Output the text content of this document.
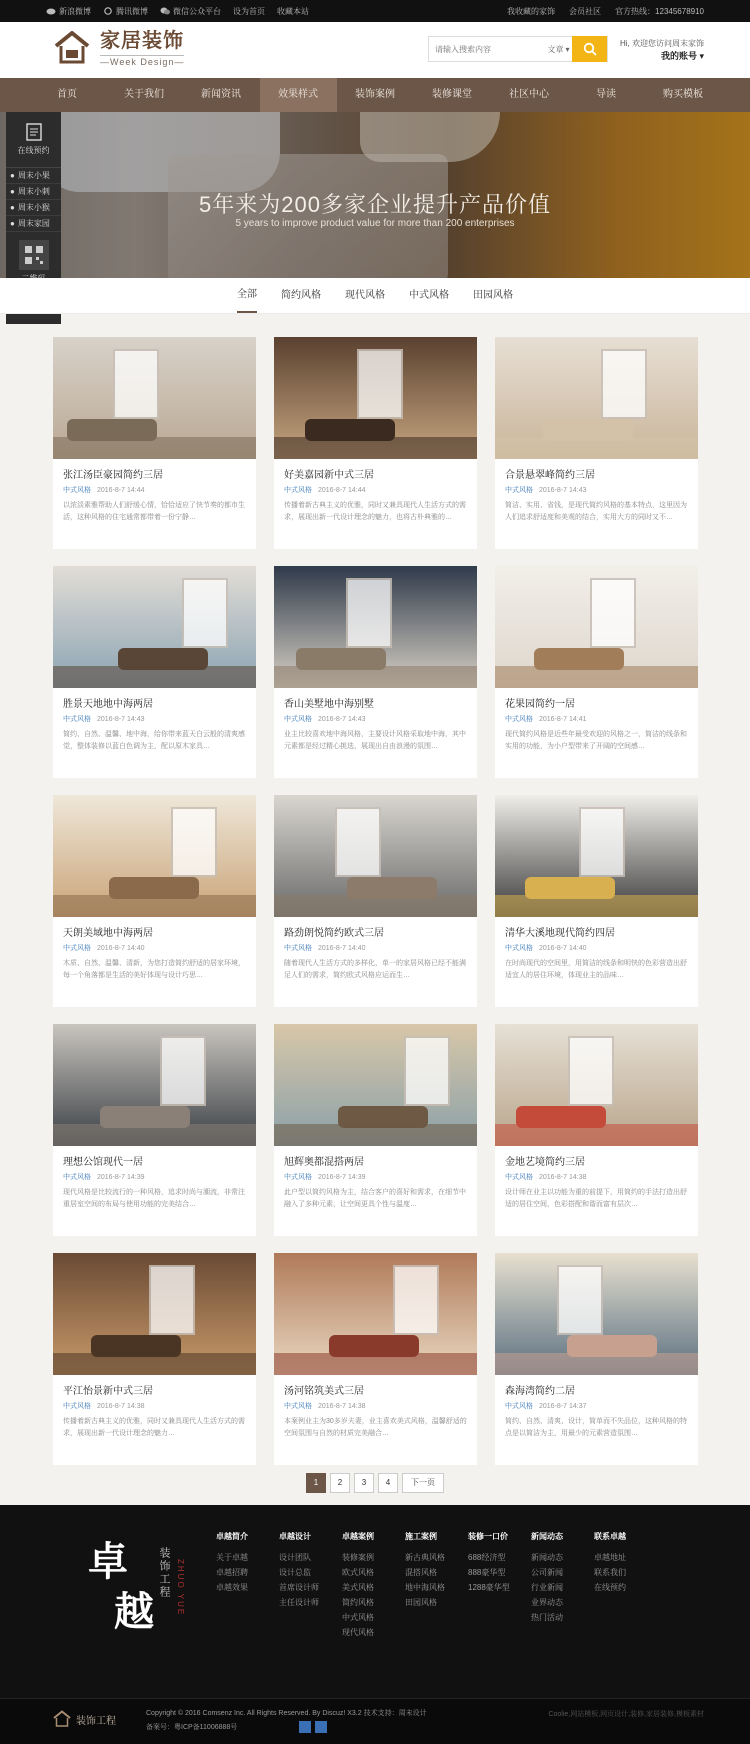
新浪微博	腾讯微博	微信公众平台 设为首页 收藏本站	我收藏的家饰 会员社区 官方热线：12345678910
家居装饰
—Week Design—
请输入搜索内容
文章 ▾
Hi, 欢迎您访问周末家饰
我的账号 ▾
首页	关于我们	新闻资讯	效果样式	装饰案例	装修课堂	社区中心	导读	购买模板
5年来为200多家企业提升产品价值

5 years to improve product value for more than 200 enterprises

在线预约
● 周末小果
● 周末小刺
● 周末小猴
● 周末家园

全部 简约风格 现代风格 中式风格 田园风格
张江汤臣豪园简约三居
中式风格 2016-8-7 14:44
以浓淡素雅帮助人们舒缓心情，恰恰适应了快节奏的都市生活，这种风格的住宅通常都带着一份宁静…
好美嘉园新中式三居
中式风格 2016-8-7 14:44
传播着新古典主义的优雅，同时又兼具现代人生活方式的需求，展现出新一代设计理念的魅力，也将古朴典雅的…
合景悬翠峰简约三居
中式风格 2016-8-7 14:43
简洁、实用、省钱，是现代简约风格的基本特点，这里因为人们追求舒适度和美观的结合，实用大方的同时又不…
胜景天地地中海两居
中式风格 2016-8-7 14:43
简约、自然、温馨、地中海，给你带来蓝天白云般的清爽感觉，整体装修以蓝白色调为主，配以原木家具…
香山美墅地中海别墅
中式风格 2016-8-7 14:43
业主比较喜欢地中海风格，主要设计风格采取地中海，其中元素都是经过精心挑选，展现出自由浪漫的氛围…
花果园简约一居
中式风格 2016-8-7 14:41
现代简约风格是近些年最受欢迎的风格之一，简洁的线条和实用的功能，为小户型带来了开阔的空间感…
天朗美域地中海两居
中式风格 2016-8-7 14:40
木质、自然、温馨、清新，为您打造简约舒适的居家环境，每一个角落都是生活的美好体现与设计巧思…
路劲朗悦简约欧式三居
中式风格 2016-8-7 14:40
随着现代人生活方式的多样化，单一的家居风格已经不能满足人们的需求，简约欧式风格应运而生…
清华大溪地现代简约四居
中式风格 2016-8-7 14:40
在时尚现代的空间里，用简洁的线条和明快的色彩营造出舒适宜人的居住环境，体现业主的品味…
理想公馆现代一居
中式风格 2016-8-7 14:39
现代风格是比较流行的一种风格，追求时尚与潮流，非常注重居室空间的布局与使用功能的完美结合…
旭辉奥都混搭两居
中式风格 2016-8-7 14:39
此户型以简约风格为主，结合客户的喜好和需求，在细节中融入了多种元素，让空间更具个性与温度…
金地艺境简约三居
中式风格 2016-8-7 14:38
设计师在业主以功能为重的前提下，用简约的手法打造出舒适的居住空间，色彩搭配和谐而富有层次…
平江怡景新中式三居
中式风格 2016-8-7 14:38
传播着新古典主义的优雅，同时又兼具现代人生活方式的需求，展现出新一代设计理念的魅力…
汤河铭筑美式三居
中式风格 2016-8-7 14:38
本案例业主为30多岁夫妻，业主喜欢美式风格，温馨舒适的空间氛围与自然的材质完美融合…
森海湾简约二居
中式风格 2016-8-7 14:37
简约、自然、清爽、设计，简单而不失品位，这种风格的特点是以简洁为主，用最少的元素营造氛围…
1	2	3	4	下一页
卓
越
装饰工程 ZHUO YUE
卓越简介
关于卓越
卓越招聘
卓越效果
卓越设计
设计团队
设计总监
首席设计师
主任设计师
卓越案例
装修案例
欧式风格
美式风格
简约风格
中式风格
现代风格
施工案例
新古典风格
混搭风格
地中海风格
田园风格
装修一口价
688经济型
888豪华型
1288豪华型
新闻动态
新闻动态
公司新闻
行业新闻
业界动态
热门活动
联系卓越
卓越地址
联系我们
在线预约
装饰工程
Copyright © 2016 Comsenz Inc. All Rights Reserved. By Discuz! X3.2 技术支持：周末设计
备案号：粤ICP备11006888号
Coolie,网站模板,网页设计,装修,家居装修,模板素材
